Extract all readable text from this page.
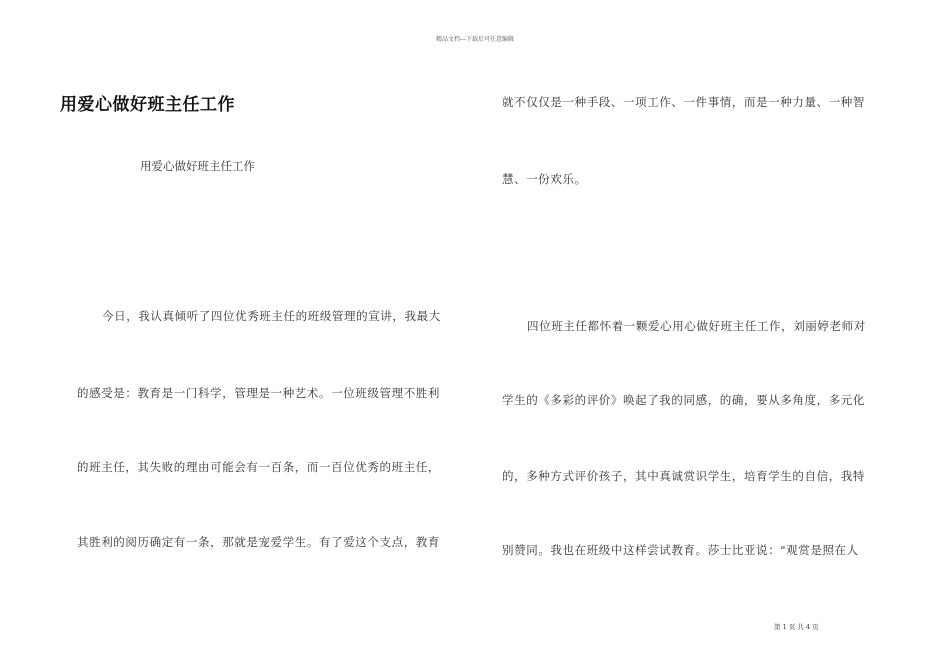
精品文档---下载后可任意编辑
用爱心做好班主任工作
用爱心做好班主任工作
今日，我认真倾听了四位优秀班主任的班级管理的宣讲，我最大
的感受是：教育是一门科学，管理是一种艺术。一位班级管理不胜利
的班主任，其失败的理由可能会有一百条，而一百位优秀的班主任，
其胜利的阅历确定有一条，那就是宠爱学生。有了爱这个支点，教育
就不仅仅是一种手段、一项工作、一件事情，而是一种力量、一种智
慧、一份欢乐。
四位班主任都怀着一颗爱心用心做好班主任工作，刘丽婷老师对
学生的《多彩的评价》唤起了我的同感，的确，要从多角度，多元化
的，多种方式评价孩子，其中真诚赏识学生，培育学生的自信，我特
别赞同。我也在班级中这样尝试教育。莎士比亚说："观赏是照在人
第 1 页 共 4 页
